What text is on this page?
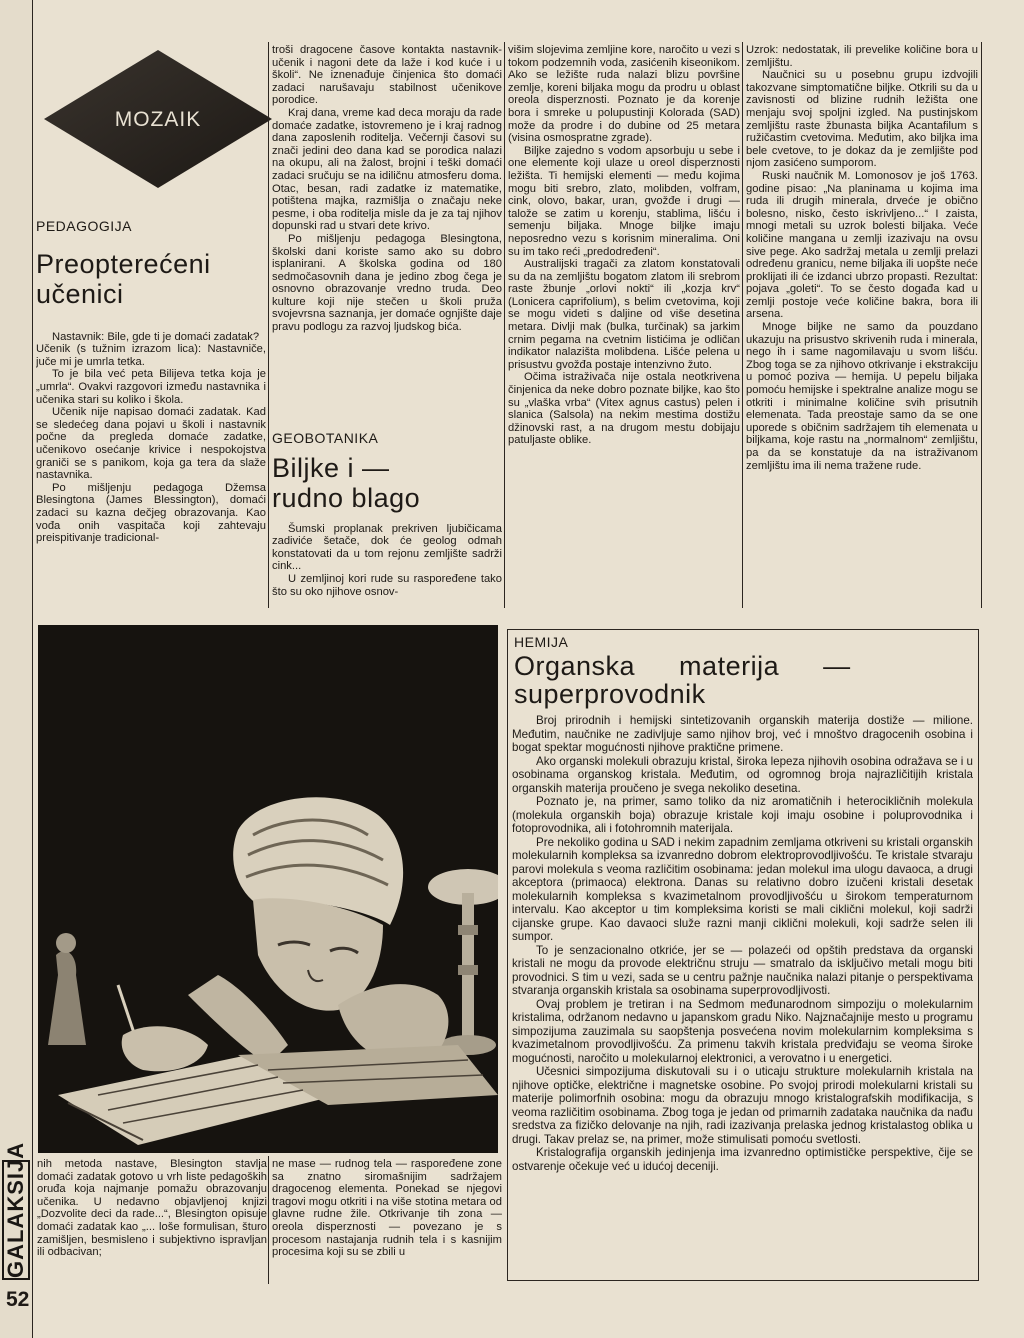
GALAKSIJA
52
MOZAIK
PEDAGOGIJA
Preopterećeni
učenici

Nastavnik: Bile, gde ti je domaći zadatak?

Učenik (s tužnim izrazom lica): Nastavniče, juče mi je umrla tetka.

To je bila već peta Bilijeva tetka koja je „umrla“. Ovakvi razgovori između nastavnika i učenika stari su koliko i škola.

Učenik nije napisao domaći zadatak. Kad se sledećeg dana pojavi u školi i nastavnik počne da pregleda domaće zadatke, učenikovo osećanje krivice i nespokojstva graniči se s panikom, koja ga tera da slaže nastavnika.

Po mišljenju pedagoga Džemsa Blesingtona (James Blessington), domaći zadaci su kazna dečjeg obrazovanja. Kao vođa onih vaspitača koji zahtevaju preispitivanje tradicional-

troši dragocene časove kontakta nastavnik-učenik i nagoni dete da laže i kod kuće i u školi“. Ne iznenađuje činjenica što domaći zadaci narušavaju stabilnost učenikove porodice.

Kraj dana, vreme kad deca moraju da rade domaće zadatke, istovremeno je i kraj radnog dana zaposlenih roditelja. Večernji časovi su znači jedini deo dana kad se porodica nalazi na okupu, ali na žalost, brojni i teški domaći zadaci sručuju se na idiličnu atmosferu doma. Otac, besan, radi zadatke iz matematike, potištena majka, razmišlja o značaju neke pesme, i oba roditelja misle da je za taj njihov dopunski rad u stvari dete krivo.

Po mišljenju pedagoga Blesingtona, školski dani koriste samo ako su dobro isplanirani. A školska godina od 180 sedmočasovnih dana je jedino zbog čega je osnovno obrazovanje vredno truda. Deo kulture koji nije stečen u školi pruža svojevrsna saznanja, jer domaće ognjište daje pravu podlogu za razvoj ljudskog bića.

GEOBOTANIKA
Biljke i —
rudno blago

Šumski proplanak prekriven ljubičicama zadiviće šetače, dok će geolog odmah konstatovati da u tom rejonu zemljište sadrži cink...

U zemljinoj kori rude su raspoređene tako što su oko njihove osnov-

višim slojevima zemljine kore, naročito u vezi s tokom podzemnih voda, zasićenih kiseonikom. Ako se ležište ruda nalazi blizu površine zemlje, koreni biljaka mogu da prodru u oblast oreola disperznosti. Poznato je da korenje bora i smreke u polupustinji Kolorada (SAD) može da prodre i do dubine od 25 metara (visina osmospratne zgrade).

Biljke zajedno s vodom apsorbuju u sebe i one elemente koji ulaze u oreol disperznosti ležišta. Ti hemijski elementi — među kojima mogu biti srebro, zlato, molibden, volfram, cink, olovo, bakar, uran, gvožđe i drugi — talože se zatim u korenju, stablima, lišću i semenju biljaka. Mnoge biljke imaju neposredno vezu s korisnim mineralima. Oni su im tako reći „predodređeni“.

Australijski tragači za zlatom konstatovali su da na zemljištu bogatom zlatom ili srebrom raste žbunje „orlovi nokti“ ili „kozja krv“ (Lonicera caprifolium), s belim cvetovima, koji se mogu videti s daljine od više desetina metara. Divlji mak (bulka, turčinak) sa jarkim crnim pegama na cvetnim listićima je odličan indikator nalazišta molibdena. Lišće pelena u prisustvu gvožđa postaje intenzivno žuto.

Očima istraživača nije ostala neotkrivena činjenica da neke dobro poznate biljke, kao što su „vlaška vrba“ (Vitex agnus castus) pelen i slanica (Salsola) na nekim mestima dostižu džinovski rast, a na drugom mestu dobijaju patuljaste oblike.

Uzrok: nedostatak, ili prevelike količine bora u zemljištu.

Naučnici su u posebnu grupu izdvojili takozvane simptomatične biljke. Otkrili su da u zavisnosti od blizine rudnih ležišta one menjaju svoj spoljni izgled. Na pustinjskom zemljištu raste žbunasta biljka Acantafilum s ružičastim cvetovima. Međutim, ako biljka ima bele cvetove, to je dokaz da je zemljište pod njom zasićeno sumporom.

Ruski naučnik M. Lomonosov je još 1763. godine pisao: „Na planinama u kojima ima ruda ili drugih minerala, drveće je obično bolesno, nisko, često iskrivljeno...“ I zaista, mnogi metali su uzrok bolesti biljaka. Veće količine mangana u zemlji izazivaju na ovsu sive pege. Ako sadržaj metala u zemlji prelazi određenu granicu, neme biljaka ili uopšte neće proklijati ili će izdanci ubrzo propasti. Rezultat: pojava „goleti“. To se često događa kad u zemlji postoje veće količine bakra, bora ili arsena.

Mnoge biljke ne samo da pouzdano ukazuju na prisustvo skrivenih ruda i minerala, nego ih i same nagomilavaju u svom lišću. Zbog toga se za njihovo otkrivanje i ekstrakciju u pomoć poziva — hemija. U pepelu biljaka pomoću hemijske i spektralne analize mogu se otkriti i minimalne količine svih prisutnih elemenata. Tada preostaje samo da se one uporede s običnim sadržajem tih elemenata u biljkama, koje rastu na „normalnom“ zemljištu, pa da se konstatuje da na istraživanom zemljištu ima ili nema tražene rude.

nih metoda nastave, Blesington stavlja domaći zadatak gotovo u vrh liste pedagoških oruđa koja najmanje pomažu obrazovanju učenika. U nedavno objavljenoj knjizi „Dozvolite deci da rade...“, Blesington opisuje domaći zadatak kao „... loše formulisan, šturo zamišljen, besmisleno i subjektivno ispravljan ili odbacivan;

ne mase — rudnog tela — raspoređene zone sa znatno siromašnijim sadržajem dragocenog elementa. Ponekad se njegovi tragovi mogu otkriti i na više stotina metara od glavne rudne žile. Otkrivanje tih zona — oreola disperznosti — povezano je s procesom nastajanja rudnih tela i s kasnijim procesima koji su se zbili u

HEMIJA
Organska materija —
superprovodnik

Broj prirodnih i hemijski sintetizovanih organskih materija dostiže — milione. Međutim, naučnike ne zadivljuje samo njihov broj, već i mnoštvo dragocenih osobina i bogat spektar mogućnosti njihove praktične primene.

Ako organski molekuli obrazuju kristal, široka lepeza njihovih osobina odražava se i u osobinama organskog kristala. Međutim, od ogromnog broja najrazličitijih kristala organskih materija proučeno je svega nekoliko desetina.

Poznato je, na primer, samo toliko da niz aromatičnih i heterocikličnih molekula (molekula organskih boja) obrazuje kristale koji imaju osobine i poluprovodnika i fotoprovodnika, ali i fotohromnih materijala.

Pre nekoliko godina u SAD i nekim zapadnim zemljama otkriveni su kristali organskih molekularnih kompleksa sa izvanredno dobrom elektroprovodljivošću. Te kristale stvaraju parovi molekula s veoma različitim osobinama: jedan molekul ima ulogu davaoca, a drugi akceptora (primaoca) elektrona. Danas su relativno dobro izučeni kristali desetak molekularnih kompleksa s kvazimetalnom provodljivošću u širokom temperaturnom intervalu. Kao akceptor u tim kompleksima koristi se mali ciklični molekul, koji sadrži cijanske grupe. Kao davaoci služe razni manji ciklični molekuli, koji sadrže selen ili sumpor.

To je senzacionalno otkriće, jer se — polazeći od opštih predstava da organski kristali ne mogu da provode električnu struju — smatralo da isključivo metali mogu biti provodnici. S tim u vezi, sada se u centru pažnje naučnika nalazi pitanje o perspektivama stvaranja organskih kristala sa osobinama superprovodljivosti.

Ovaj problem je tretiran i na Sedmom međunarodnom simpoziju o molekularnim kristalima, održanom nedavno u japanskom gradu Niko. Najznačajnije mesto u programu simpozijuma zauzimala su saopštenja posvećena novim molekularnim kompleksima s kvazimetalnom provodljivošću. Za primenu takvih kristala predviđaju se veoma široke mogućnosti, naročito u molekularnoj elektronici, a verovatno i u energetici.

Učesnici simpozijuma diskutovali su i o uticaju strukture molekularnih kristala na njihove optičke, električne i magnetske osobine. Po svojoj prirodi molekularni kristali su materije polimorfnih osobina: mogu da obrazuju mnogo kristalografskih modifikacija, s veoma različitim osobinama. Zbog toga je jedan od primarnih zadataka naučnika da nađu sredstva za fizičko delovanje na njih, radi izazivanja prelaska jednog kristalastog oblika u drugi. Takav prelaz se, na primer, može stimulisati pomoću svetlosti.

Kristalografija organskih jedinjenja ima izvanredno optimističke perspektive, čije se ostvarenje očekuje već u idućoj deceniji.
